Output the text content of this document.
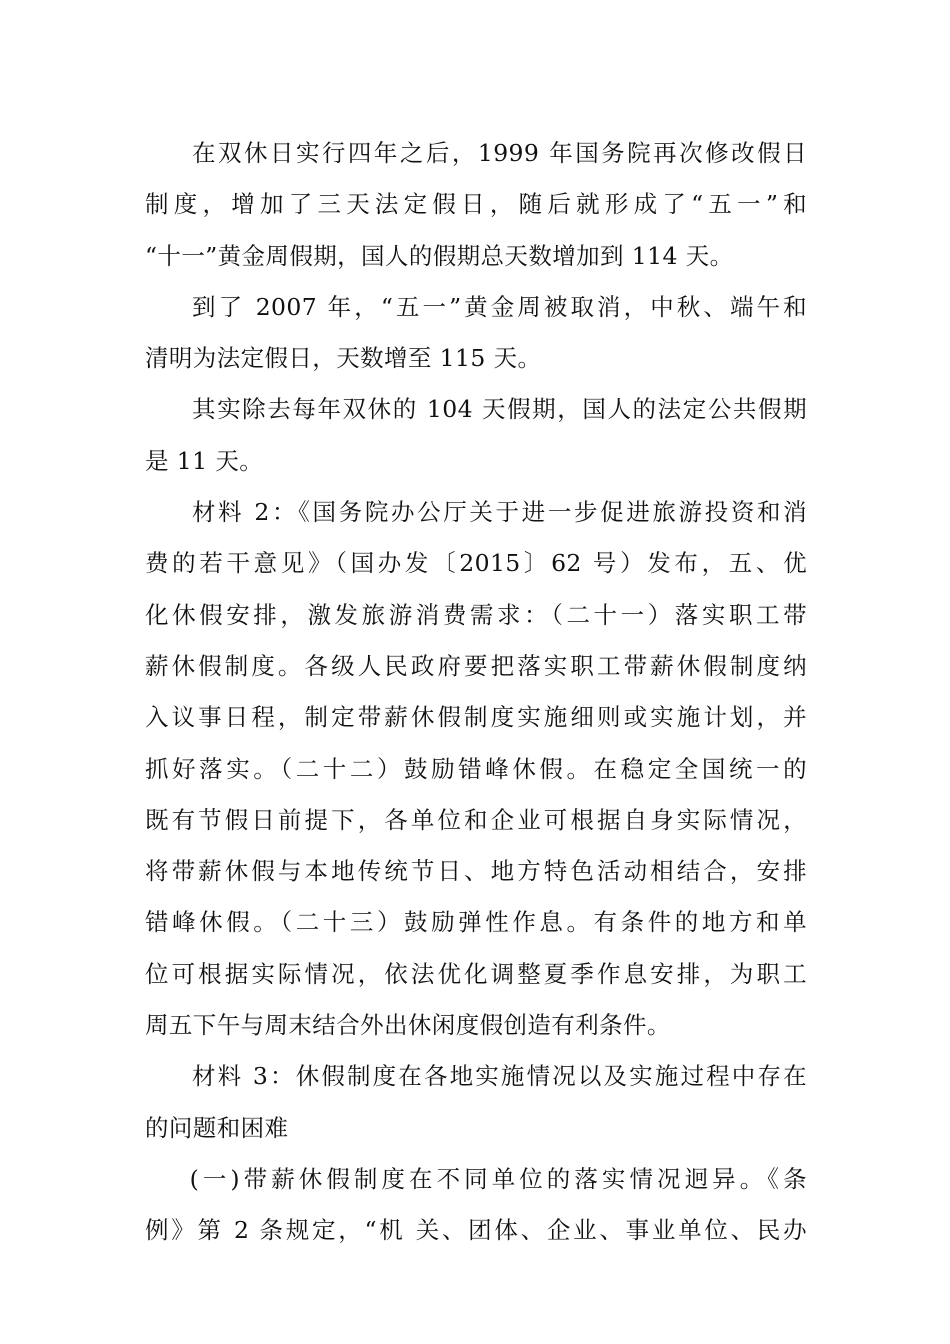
在双休日实行四年之后，1999 年国务院再次修改假日
制度，增加了三天法定假日，随后就形成了“五一”和
“十一”黄金周假期，国人的假期总天数增加到 114 天。

到了 2007 年，“五一”黄金周被取消，中秋、端午和
清明为法定假日，天数增至 115 天。

其实除去每年双休的 104 天假期，国人的法定公共假期
是 11 天。

材料 2：《国务院办公厅关于进一步促进旅游投资和消
费的若干意见》（国办发〔2015〕62 号）发布，五、优
化休假安排，激发旅游消费需求：（二十一）落实职工带
薪休假制度。各级人民政府要把落实职工带薪休假制度纳
入议事日程，制定带薪休假制度实施细则或实施计划，并
抓好落实。（二十二）鼓励错峰休假。在稳定全国统一的
既有节假日前提下，各单位和企业可根据自身实际情况，
将带薪休假与本地传统节日、地方特色活动相结合，安排
错峰休假。（二十三）鼓励弹性作息。有条件的地方和单
位可根据实际情况，依法优化调整夏季作息安排，为职工
周五下午与周末结合外出休闲度假创造有利条件。

材料 3：休假制度在各地实施情况以及实施过程中存在
的问题和困难

(一)带薪休假制度在不同单位的落实情况迥异。《条
例》第 2 条规定，“机 关、团体、企业、事业单位、民办
